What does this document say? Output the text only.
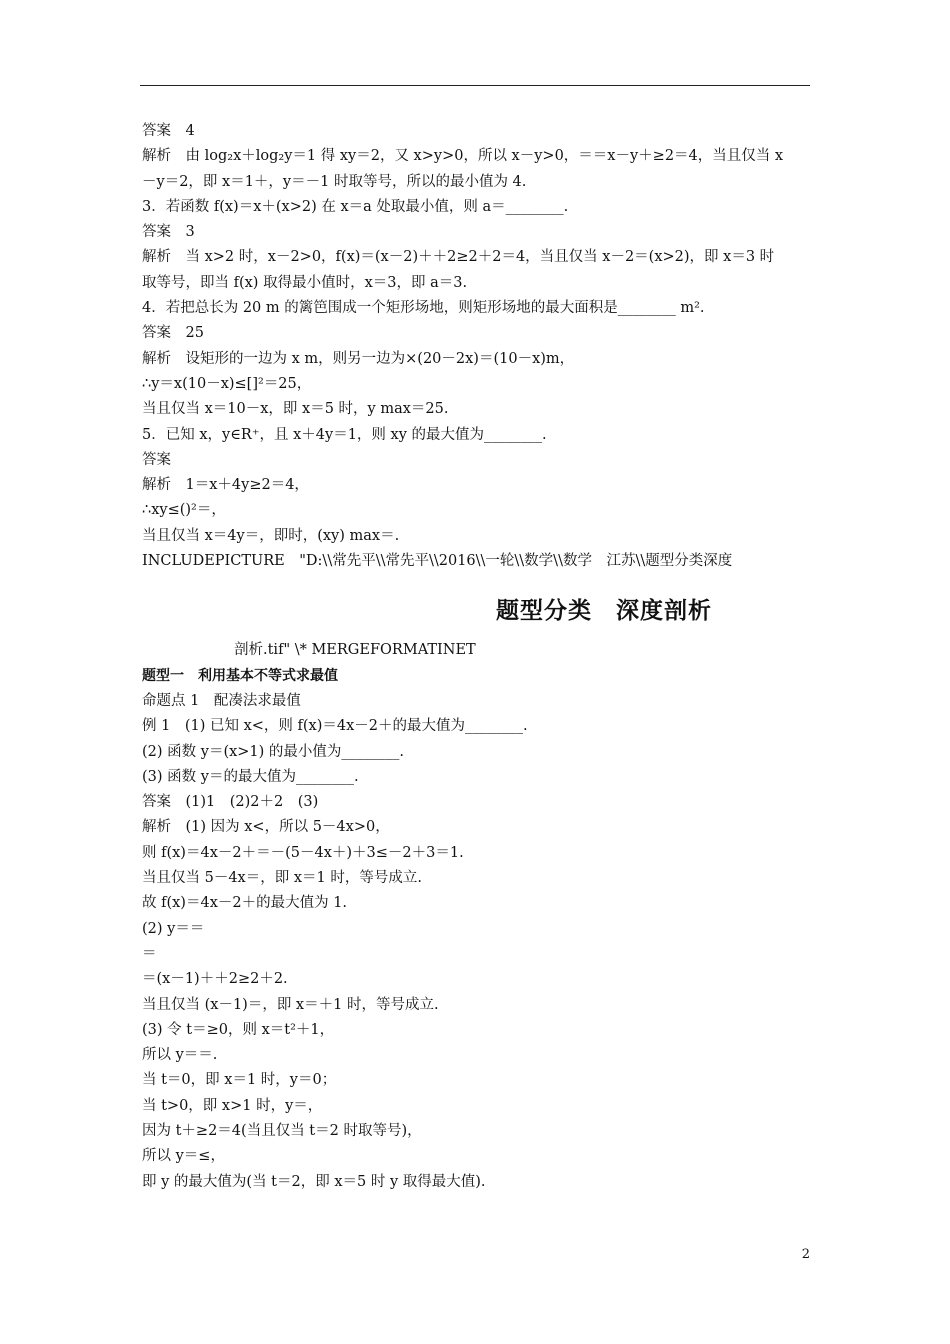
答案　4
解析　由 log₂x＋log₂y＝1 得 xy＝2，又 x>y>0，所以 x－y>0，＝＝x－y＋≥2＝4，当且仅当 x
－y＝2，即 x＝1＋，y＝－1 时取等号，所以的最小值为 4.
3．若函数 f(x)＝x＋(x>2) 在 x＝a 处取最小值，则 a＝________.
答案　3
解析　当 x>2 时，x－2>0，f(x)＝(x－2)＋＋2≥2＋2＝4，当且仅当 x－2＝(x>2)，即 x＝3 时
取等号，即当 f(x) 取得最小值时，x＝3，即 a＝3.
4．若把总长为 20 m 的篱笆围成一个矩形场地，则矩形场地的最大面积是________ m².
答案　25
解析　设矩形的一边为 x m，则另一边为×(20－2x)＝(10－x)m，
∴y＝x(10－x)≤[]²＝25，
当且仅当 x＝10－x，即 x＝5 时，y max＝25.
5．已知 x，y∈R⁺，且 x＋4y＝1，则 xy 的最大值为________.
答案
解析　1＝x＋4y≥2＝4，
∴xy≤()²＝，
当且仅当 x＝4y＝，即时，(xy) max＝.
INCLUDEPICTURE　"D:\\常先平\\常先平\\2016\\一轮\\数学\\数学　江苏\\题型分类深度
题型分类　深度剖析
剖析.tif" \* MERGEFORMATINET
题型一　利用基本不等式求最值
命题点 1　配凑法求最值
例 1　(1) 已知 x<，则 f(x)＝4x－2＋的最大值为________.
(2) 函数 y＝(x>1) 的最小值为________.
(3) 函数 y＝的最大值为________.
答案　(1)1　(2)2＋2　(3)
解析　(1) 因为 x<，所以 5－4x>0，
则 f(x)＝4x－2＋＝－(5－4x＋)＋3≤－2＋3＝1.
当且仅当 5－4x＝，即 x＝1 时，等号成立.
故 f(x)＝4x－2＋的最大值为 1.
(2) y＝＝
＝
＝(x－1)＋＋2≥2＋2.
当且仅当 (x－1)＝，即 x＝＋1 时，等号成立.
(3) 令 t＝≥0，则 x＝t²＋1，
所以 y＝＝.
当 t＝0，即 x＝1 时，y＝0；
当 t>0，即 x>1 时，y＝，
因为 t＋≥2＝4(当且仅当 t＝2 时取等号)，
所以 y＝≤，
即 y 的最大值为(当 t＝2，即 x＝5 时 y 取得最大值).
2
